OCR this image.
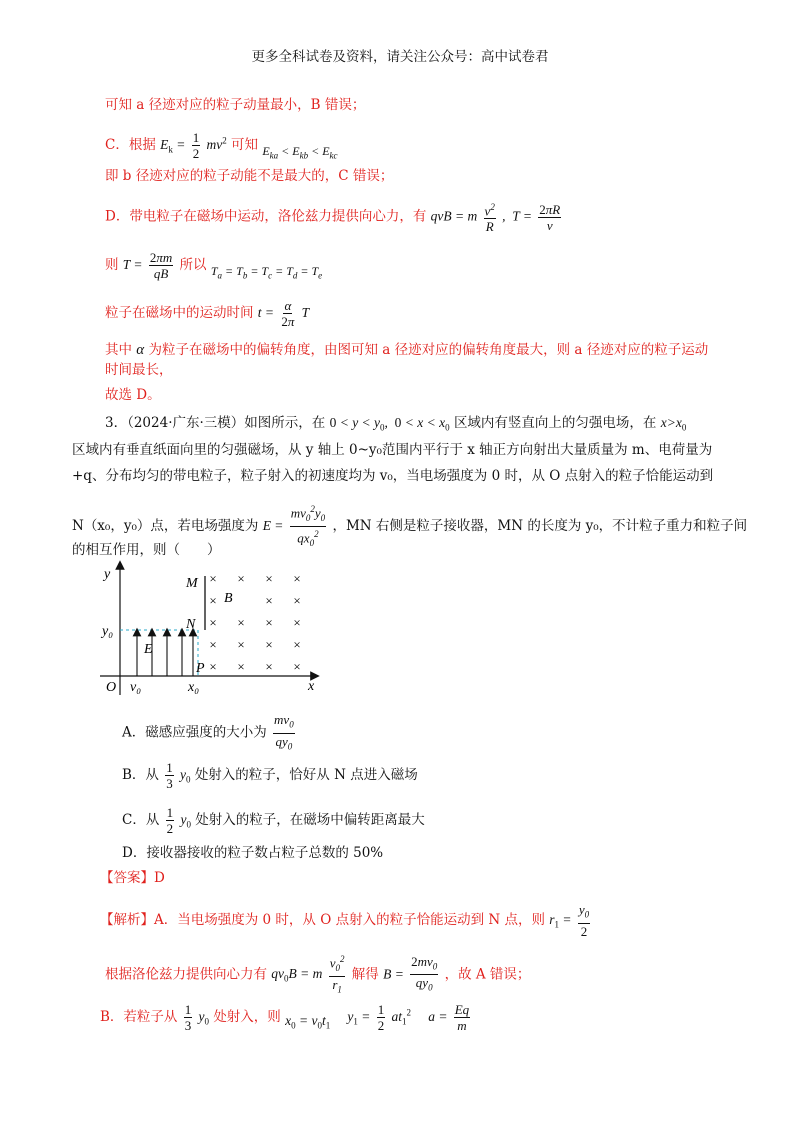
更多全科试卷及资料，请关注公众号：高中试卷君
可知 a 径迹对应的粒子动量最小，B 错误；
C．根据 $E_k = \frac{1}{2} mv^2$ 可知 $E_{ka} < E_{kb} < E_{kc}$
即 b 径迹对应的粒子动能不是最大的，C 错误；
D．带电粒子在磁场中运动，洛伦兹力提供向心力，有 qvB = m $\frac{v^2}{R}$ ,  $T = \frac{2\pi R}{v}$
则 $T = \frac{2\pi m}{qB}$ 所以 $T_a = T_b = T_c = T_d = T_e$
粒子在磁场中的运动时间 $t = \frac{\alpha}{2\pi}$ T
其中 α 为粒子在磁场中的偏转角度，由图可知 a 径迹对应的偏转角度最大，则 a 径迹对应的粒子运动
时间最长，
故选 D。
3．（2024·广东·三模）如图所示，在 $0 < y < y_0$,  $0 < x < x_0$ 区域内有竖直向上的匀强电场，在 $x>x_0$
区域内有垂直纸面向里的匀强磁场，从 y 轴上 0~y₀范围内平行于 x 轴正方向射出大量质量为 m、电荷量为
+q、分布均匀的带电粒子，粒子射入的初速度均为 v₀，当电场强度为 0 时，从 O 点射入的粒子恰能运动到
N（x₀，y₀）点，若电场强度为 $E = \frac{mv_0^2y_0}{qx_0^2}$ ，MN 右侧是粒子接收器，MN 的长度为 y₀，不计粒子重力和粒子间
的相互作用，则（　　）
y
x
O
y₀
v₀	x₀
E
M
N
P
B
× × × ×
×	× ×
× × × ×
× × × ×
× × × ×
A．磁感应强度的大小为 $\frac{mv_0}{qy_0}$
B．从 $\frac{1}{3} y_0$ 处射入的粒子，恰好从 N 点进入磁场
C．从 $\frac{1}{2} y_0$ 处射入的粒子，在磁场中偏转距离最大
D．接收器接收的粒子数占粒子总数的 50%
【答案】D
【解析】A．当电场强度为 0 时，从 O 点射入的粒子恰能运动到 N 点，则 $r_1 = \frac{y_0}{2}$
根据洛伦兹力提供向心力有 $qv_0B = m \frac{v_0^2}{r_1}$ 解得 $B = \frac{2mv_0}{qy_0}$ ，故 A 错误；
B．若粒子从 $\frac{1}{3} y_0$ 处射入，则 $x_0 = v_0t_1$    $y_1 = \frac{1}{2} at_1^2$ $a = \frac{Eq}{m}$
